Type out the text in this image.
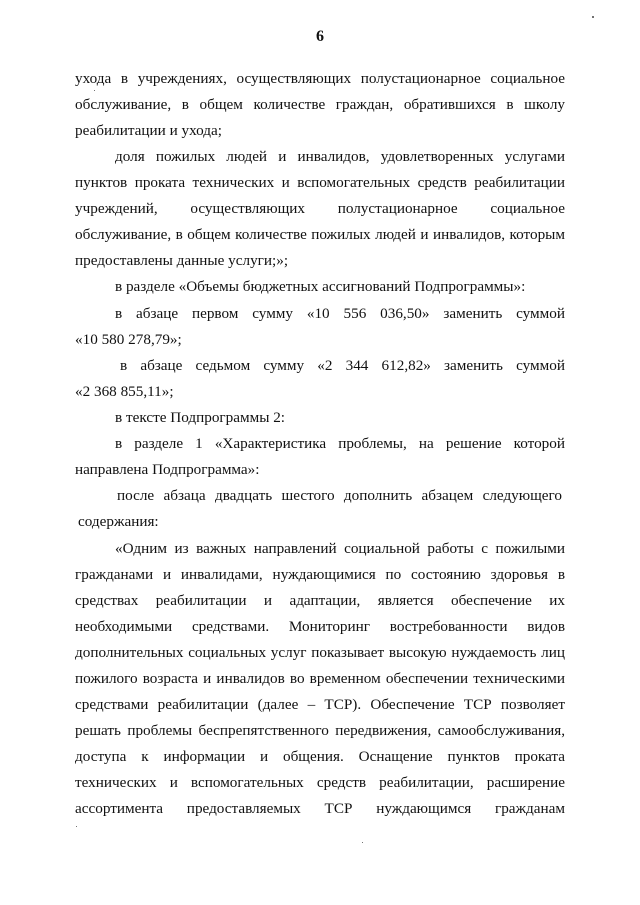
6
ухода в учреждениях, осуществляющих полустационарное социальное
обслуживание, в общем количестве граждан, обратившихся в школу
реабилитации и ухода;
доля пожилых людей и инвалидов, удовлетворенных услугами
пунктов проката технических и вспомогательных средств реабилитации
учреждений, осуществляющих полустационарное социальное
обслуживание, в общем количестве пожилых людей и инвалидов, которым
предоставлены данные услуги;»;
в разделе «Объемы бюджетных ассигнований Подпрограммы»:
в абзаце первом сумму «10 556 036,50» заменить суммой
«10 580 278,79»;
в абзаце седьмом сумму «2 344 612,82» заменить суммой
«2 368 855,11»;
в тексте Подпрограммы 2:
в разделе 1 «Характеристика проблемы, на решение которой
направлена Подпрограмма»:
после абзаца двадцать шестого дополнить абзацем следующего
содержания:
«Одним из важных направлений социальной работы с пожилыми
гражданами и инвалидами, нуждающимися по состоянию здоровья в
средствах реабилитации и адаптации, является обеспечение их
необходимыми средствами. Мониторинг востребованности видов
дополнительных социальных услуг показывает высокую нуждаемость лиц
пожилого возраста и инвалидов во временном обеспечении техническими
средствами реабилитации (далее – ТСР). Обеспечение ТСР позволяет
решать проблемы беспрепятственного передвижения, самообслуживания,
доступа к информации и общения. Оснащение пунктов проката
технических и вспомогательных средств реабилитации, расширение
ассортимента предоставляемых ТСР нуждающимся гражданам
